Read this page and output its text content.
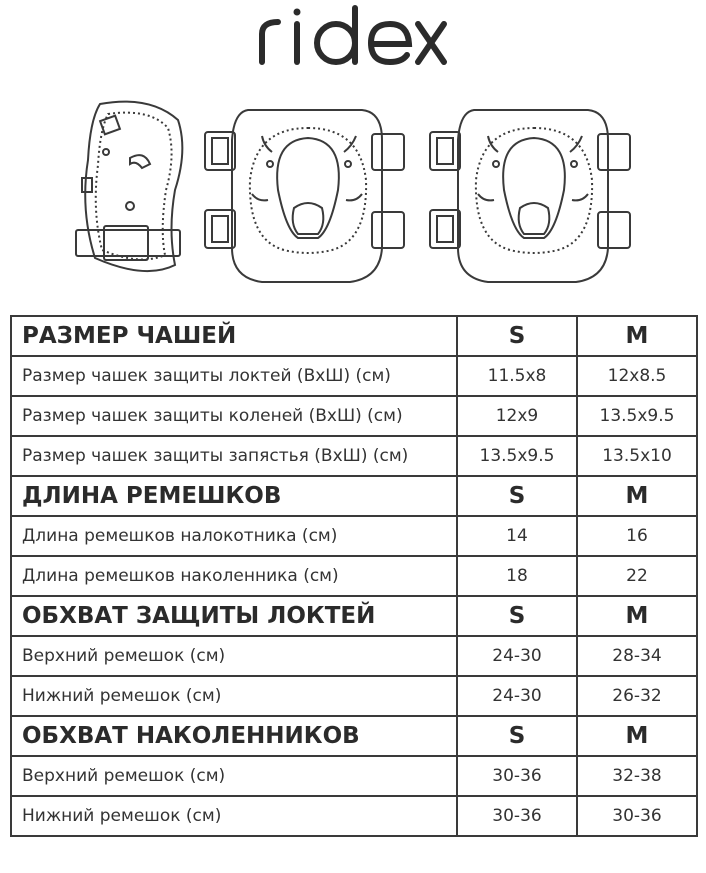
РАЗМЕР ЧАШЕЙ	S	M
Размер чашек защиты локтей (ВхШ) (см)	11.5x8	12x8.5
Размер чашек защиты коленей (ВхШ) (см)	12x9	13.5x9.5
Размер чашек защиты запястья (ВхШ) (см)	13.5x9.5	13.5x10
ДЛИНА РЕМЕШКОВ	S	M
Длина ремешков налокотника (см)	14	16
Длина ремешков наколенника (см)	18	22
ОБХВАТ ЗАЩИТЫ ЛОКТЕЙ	S	M
Верхний ремешок (см)	24-30	28-34
Нижний ремешок (см)	24-30	26-32
ОБХВАТ НАКОЛЕННИКОВ	S	M
Верхний ремешок (см)	30-36	32-38
Нижний ремешок (см)	30-36	30-36
